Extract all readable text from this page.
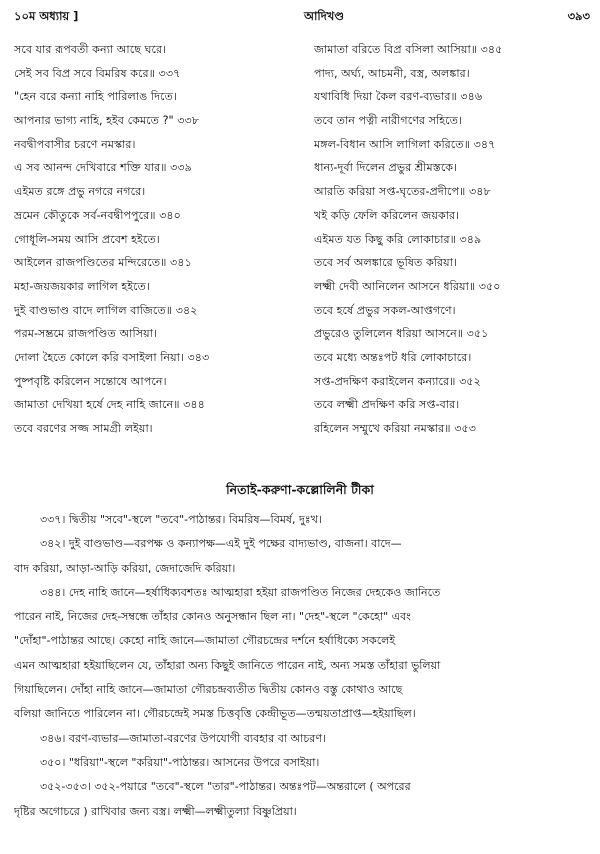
১০ম অধ্যায় ]	আদিখণ্ড	৩৯৩
সবে যার রূপবতী কন্যা আছে ঘরে।
সেই সব বিপ্র সবে বিমরিষ করে॥ ৩৩৭
"হেন বরে কন্যা নাহি পারিলাঙ দিতে।
আপনার ভাগ্য নাহি, হইব কেমতে ?" ৩৩৮
নবদ্বীপবাসীর চরণে নমস্কার।
এ সব আনন্দ দেখিবারে শক্তি যার॥ ৩৩৯
এইমত রঙ্গে প্রভু নগরে নগরে।
ভ্রমেন কৌতুকে সর্ব-নবদ্বীপপুরে॥ ৩৪০
গোধূলি-সময় আসি প্রবেশ হইতে।
আইলেন রাজপণ্ডিতের মন্দিরেতে॥ ৩৪১
মহা-জয়জয়কার লাগিল হইতে।
দুই বাণ্ডভাণ্ড বাদে লাগিল বাজিতে॥ ৩৪২
পরম-সম্ভ্রমে রাজপণ্ডিত আসিয়া।
দোলা হৈতে কোলে করি বসাইলা নিয়া। ৩৪৩
পুষ্পবৃষ্টি করিলেন সন্তোষে আপনে।
জামাতা দেখিয়া হর্ষে দেহ নাহি জানে॥ ৩৪৪
তবে বরণের সজ্জ সামগ্রী লইয়া।
জামাতা বরিতে বিপ্র বসিলা আসিয়া॥ ৩৪৫
পাদ্য, অর্ঘ্য, আচমনী, বস্ত্র, অলঙ্কার।
যথাবিধি দিয়া কৈল বরণ-ব্যভার॥ ৩৪৬
তবে তান পত্নী নারীগণের সহিতে।
মঙ্গল-বিধান আসি লাগিলা করিতে॥ ৩৪৭
ধান্য-দূর্বা দিলেন প্রভুর শ্রীমস্তকে।
আরতি করিয়া সপ্ত-ঘৃতের-প্রদীপে॥ ৩৪৮
খই কড়ি ফেলি করিলেন জয়কার।
এইমত যত কিছু করি লোকাচার॥ ৩৪৯
তবে সর্ব অলঙ্কারে ভূষিত করিয়া।
লক্ষ্মী দেবী আনিলেন আসনে ধরিয়া॥ ৩৫০
তবে হর্ষে প্রভুর সকল-আপ্তগণে।
প্রভুরেও তুলিলেন ধরিয়া আসনে॥ ৩৫১
তবে মধ্যে অন্তঃপট ধরি লোকাচারে।
সপ্ত-প্রদক্ষিণ করাইলেন কন্যারে॥ ৩৫২
তবে লক্ষ্মী প্রদক্ষিণ করি সপ্ত-বার।
রহিলেন সম্মুখে করিয়া নমস্কার॥ ৩৫৩
নিতাই-করুণা-কল্লোলিনী টীকা
৩৩৭। দ্বিতীয় "সবে"-স্থলে "তবে"-পাঠান্তর। বিমরিষ—বিমর্ষ, দুঃখ।
৩৪২। দুই বাণ্ডভাণ্ড—বরপক্ষ ও কন্যাপক্ষ—এই দুই পক্ষের বাদ্যভাণ্ড, বাজনা। বাদে—
বাদ করিয়া, আড়া-আড়ি করিয়া, জেদাজেদি করিয়া।
৩৪৪। দেহ নাহি জানে—হর্ষাধিক্যবশতঃ আত্মহারা হইয়া রাজপণ্ডিত নিজের দেহকেও জানিতে
পারেন নাই, নিজের দেহ-সম্বন্ধে তাঁহার কোনও অনুসন্ধান ছিল না। "দেহ"-স্থলে "কেহো" এবং
"দোঁহা"-পাঠান্তর আছে। কেহো নাহি জানে—জামাতা গৌরচন্দ্রের দর্শনে হর্ষাধিক্যে সকলেই
এমন আত্মহারা হইয়াছিলেন যে, তাঁহারা অন্য কিছুই জানিতে পারেন নাই, অন্য সমস্ত তাঁহারা ভুলিয়া
গিয়াছিলেন। দোঁহা নাহি জানে—জামাতা গৌরচন্দ্রব্যতীত দ্বিতীয় কোনও বস্তু কোথাও আছে
বলিয়া জানিতে পারিলেন না। গৌরচন্দ্রেই সমস্ত চিত্তবৃত্তি কেন্দ্রীভূত—তন্ময়তাপ্রাপ্ত—হইয়াছিল।
৩৪৬। বরণ-ব্যভার—জামাতা-বরণের উপযোগী ব্যবহার বা আচরণ।
৩৫০। "ধরিয়া"-স্থলে "করিয়া"-পাঠান্তর। আসনের উপরে বসাইয়া।
৩৫২-৩৫৩। ৩৫২-পয়ারে "তবে"-স্থলে "তার"-পাঠান্তর। অন্তঃপট—অন্তরালে ( অপরের
দৃষ্টির অগোচরে ) রাখিবার জন্য বস্ত্র। লক্ষ্মী—লক্ষ্মীতুল্যা বিষ্ণুপ্রিয়া।
